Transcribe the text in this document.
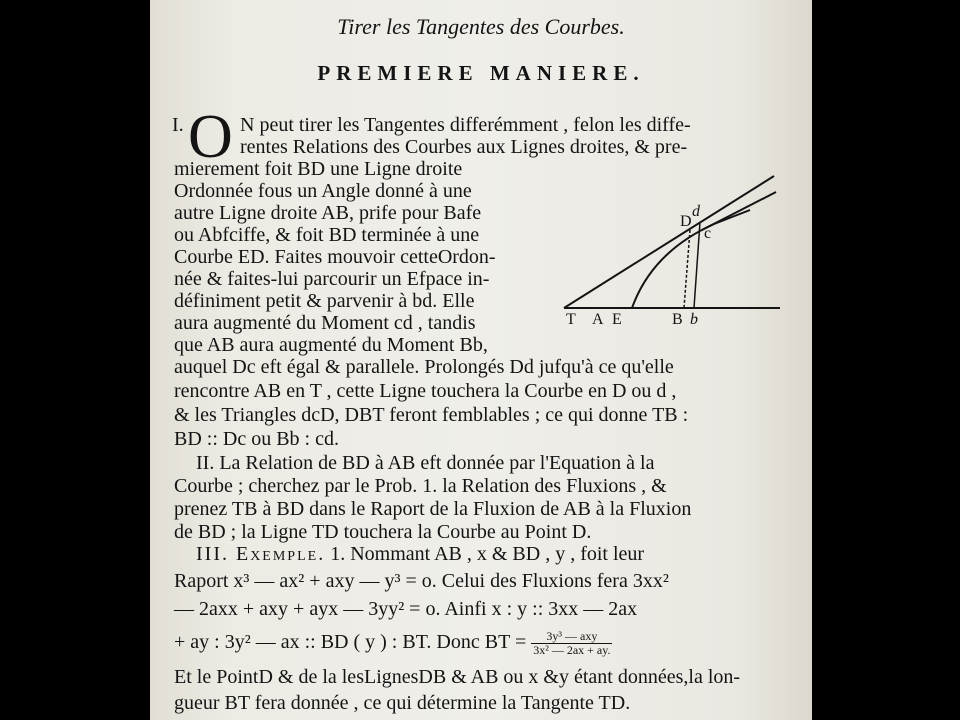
Tirer les Tangentes des Courbes.
PREMIERE MANIERE.
I. O N peut tirer les Tangentes differémment , felon les diffe-
rentes Relations des Courbes aux Lignes droites, & pre-
mierement foit BD une Ligne droite
Ordonnée fous un Angle donné à une
autre Ligne droite AB, prife pour Bafe
ou Abfciffe, & foit BD terminée à une
Courbe ED. Faites mouvoir cetteOrdon-
née & faites-lui parcourir un Efpace in-
définiment petit & parvenir à bd. Elle
aura augmenté du Moment cd , tandis
que AB aura augmenté du Moment Bb,
auquel Dc eft égal & parallele. Prolongés Dd jufqu'à ce qu'elle
rencontre AB en T , cette Ligne touchera la Courbe en D ou d ,
& les Triangles dcD, DBT feront femblables ; ce qui donne TB :
BD :: Dc ou Bb : cd.
D
d
c
T A E	B b
II. La Relation de BD à AB eft donnée par l'Equation à la
Courbe ; cherchez par le Prob. 1. la Relation des Fluxions , &
prenez TB à BD dans le Raport de la Fluxion de AB à la Fluxion
de BD ; la Ligne TD touchera la Courbe au Point D.
III. Exemple. 1. Nommant AB , x & BD , y , foit leur
Raport x³ — ax² + axy — y³ = o. Celui des Fluxions fera 3xx²
— 2axx + axy + ayx — 3yy² = o. Ainfi x : y :: 3xx — 2ax
+ ay : 3y² — ax :: BD ( y ) : BT. Donc BT = $\frac{\text{3y³ — axy}}{\text{3x² — 2ax + ay.}}$
Et le PointD & de la lesLignesDB & AB ou x &y étant données,la lon-
gueur BT fera donnée , ce qui détermine la Tangente TD.
